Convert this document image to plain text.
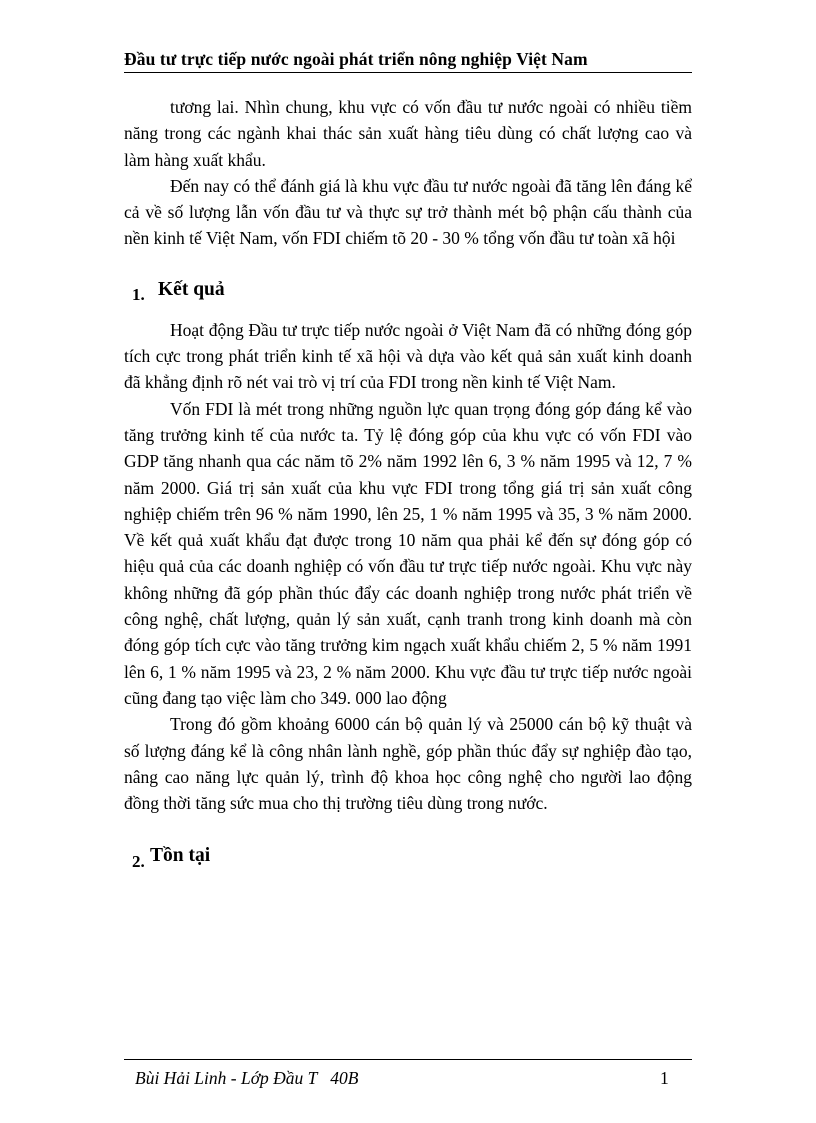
Đầu tư trực tiếp nước ngoài phát triển nông nghiệp Việt Nam

tương lai. Nhìn chung, khu vực có vốn đầu tư nước ngoài có nhiều tiềm năng trong các ngành khai thác sản xuất hàng tiêu dùng có chất lượng cao và làm hàng xuất khẩu.

Đến nay có thể đánh giá là khu vực đầu tư nước ngoài đã tăng lên đáng kể cả về số lượng lẫn vốn đầu tư và thực sự trở thành mét bộ phận cấu thành của nền kinh tế Việt Nam, vốn FDI chiếm tõ 20 - 30 % tổng vốn đầu tư toàn xã hội

1. Kết quả

Hoạt động Đầu tư trực tiếp nước ngoài ở Việt Nam đã có những đóng góp tích cực trong phát triển kinh tế xã hội và dựa vào kết quả sản xuất kinh doanh đã khẳng định rõ nét vai trò vị trí của FDI trong nền kinh tế Việt Nam.

Vốn FDI là mét trong những nguồn lực quan trọng đóng góp đáng kể vào tăng trưởng kinh tế của nước ta. Tỷ lệ đóng góp của khu vực có vốn FDI vào GDP tăng nhanh qua các năm tõ 2% năm 1992 lên 6, 3 % năm 1995 và 12, 7 % năm 2000. Giá trị sản xuất của khu vực FDI trong tổng giá trị sản xuất công nghiệp chiếm trên 96 % năm 1990, lên 25, 1 % năm 1995 và 35, 3 % năm 2000. Về kết quả xuất khẩu đạt được trong 10 năm qua phải kể đến sự đóng góp có hiệu quả của các doanh nghiệp có vốn đầu tư trực tiếp nước ngoài. Khu vực này không những đã góp phần thúc đẩy các doanh nghiệp trong nước phát triển về công nghệ, chất lượng, quản lý sản xuất, cạnh tranh trong kinh doanh mà còn đóng góp tích cực vào tăng trưởng kim ngạch xuất khẩu chiếm 2, 5 % năm 1991 lên 6, 1 % năm 1995 và 23, 2 % năm 2000. Khu vực đầu tư trực tiếp nước ngoài cũng đang tạo việc làm cho 349. 000 lao động

Trong đó gồm khoảng 6000 cán bộ quản lý và 25000 cán bộ kỹ thuật và số lượng đáng kể là công nhân lành nghề, góp phần thúc đẩy sự nghiệp đào tạo, nâng cao năng lực quản lý, trình độ khoa học công nghệ cho người lao động đồng thời tăng sức mua cho thị trường tiêu dùng trong nước.

2. Tồn tại
Bùi Hải Linh - Lớp Đầu T   40B	1
